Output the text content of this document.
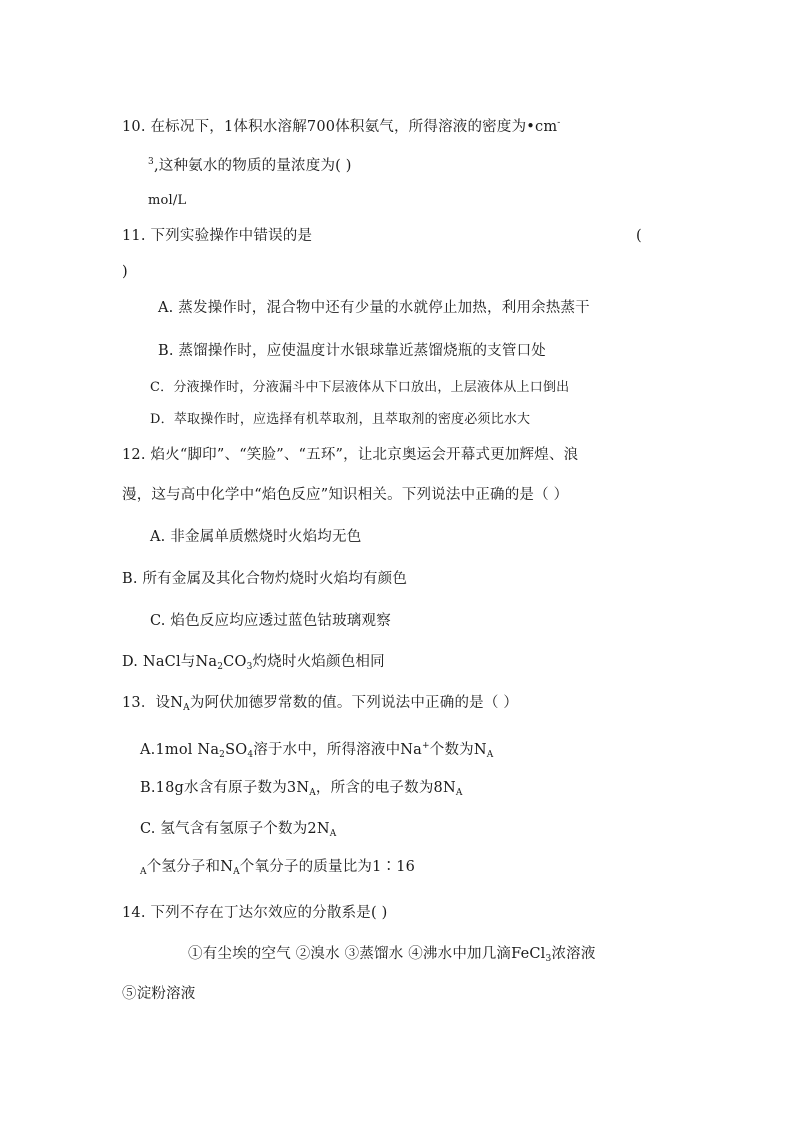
10. 在标况下，1体积水溶解700体积氨气，所得溶液的密度为•cm-
$^3$,这种氨水的物质的量浓度为( )
mol/L
11. 下列实验操作中错误的是	(
)
A. 蒸发操作时，混合物中还有少量的水就停止加热，利用余热蒸干
B. 蒸馏操作时，应使温度计水银球靠近蒸馏烧瓶的支管口处
C．分液操作时，分液漏斗中下层液体从下口放出，上层液体从上口倒出
D．萃取操作时，应选择有机萃取剂，且萃取剂的密度必须比水大
12. 焰火“脚印”、“笑脸”、“五环”，让北京奥运会开幕式更加辉煌、浪
漫，这与高中化学中“焰色反应”知识相关。下列说法中正确的是（ ）
A. 非金属单质燃烧时火焰均无色
B. 所有金属及其化合物灼烧时火焰均有颜色
C. 焰色反应均应透过蓝色钴玻璃观察
D. NaCl与$Na_2CO_3$灼烧时火焰颜色相同
13．设$N_A$为阿伏加德罗常数的值。下列说法中正确的是（ ）
A.1mol $Na_2SO_4$溶于水中，所得溶液中Na+个数为$N_A$
B.18g水含有原子数为$3N_A$，所含的电子数为$8N_A$
C. 氢气含有氢原子个数为$2N_A$
$_A$个氢分子和$N_A$个氧分子的质量比为1∶16
14. 下列不存在丁达尔效应的分散系是( )
①有尘埃的空气 ②溴水 ③蒸馏水 ④沸水中加几滴FeCl$_3$浓溶液
⑤淀粉溶液
